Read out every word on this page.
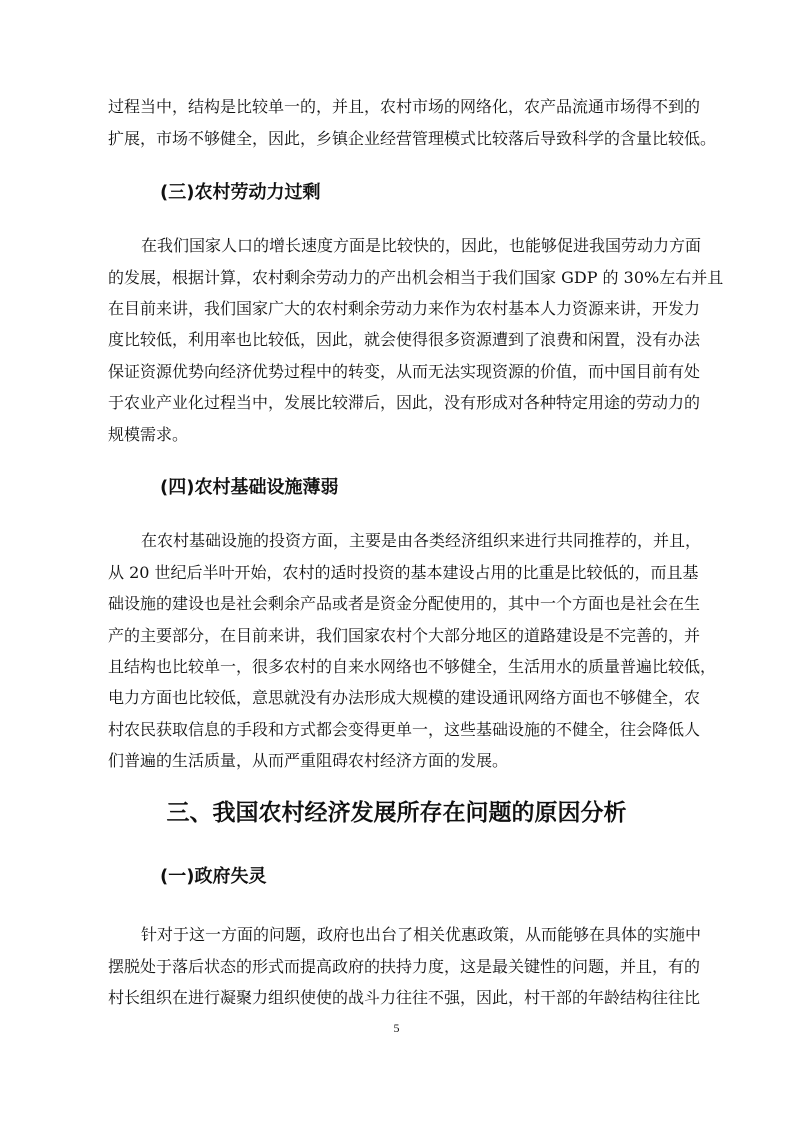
过程当中，结构是比较单一的，并且，农村市场的网络化，农产品流通市场得不到的
扩展，市场不够健全，因此，乡镇企业经营管理模式比较落后导致科学的含量比较低。
(三)农村劳动力过剩
在我们国家人口的增长速度方面是比较快的，因此，也能够促进我国劳动力方面
的发展，根据计算，农村剩余劳动力的产出机会相当于我们国家 GDP 的 30%左右并且
在目前来讲，我们国家广大的农村剩余劳动力来作为农村基本人力资源来讲，开发力
度比较低，利用率也比较低，因此，就会使得很多资源遭到了浪费和闲置，没有办法
保证资源优势向经济优势过程中的转变，从而无法实现资源的价值，而中国目前有处
于农业产业化过程当中，发展比较滞后，因此，没有形成对各种特定用途的劳动力的
规模需求。
(四)农村基础设施薄弱
在农村基础设施的投资方面，主要是由各类经济组织来进行共同推荐的，并且，
从 20 世纪后半叶开始，农村的适时投资的基本建设占用的比重是比较低的，而且基
础设施的建设也是社会剩余产品或者是资金分配使用的，其中一个方面也是社会在生
产的主要部分，在目前来讲，我们国家农村个大部分地区的道路建设是不完善的，并
且结构也比较单一，很多农村的自来水网络也不够健全，生活用水的质量普遍比较低，
电力方面也比较低，意思就没有办法形成大规模的建设通讯网络方面也不够健全，农
村农民获取信息的手段和方式都会变得更单一，这些基础设施的不健全，往会降低人
们普遍的生活质量，从而严重阻碍农村经济方面的发展。
三、我国农村经济发展所存在问题的原因分析
(一)政府失灵
针对于这一方面的问题，政府也出台了相关优惠政策，从而能够在具体的实施中
摆脱处于落后状态的形式而提高政府的扶持力度，这是最关键性的问题，并且，有的
村长组织在进行凝聚力组织使使的战斗力往往不强，因此，村干部的年龄结构往往比
5
